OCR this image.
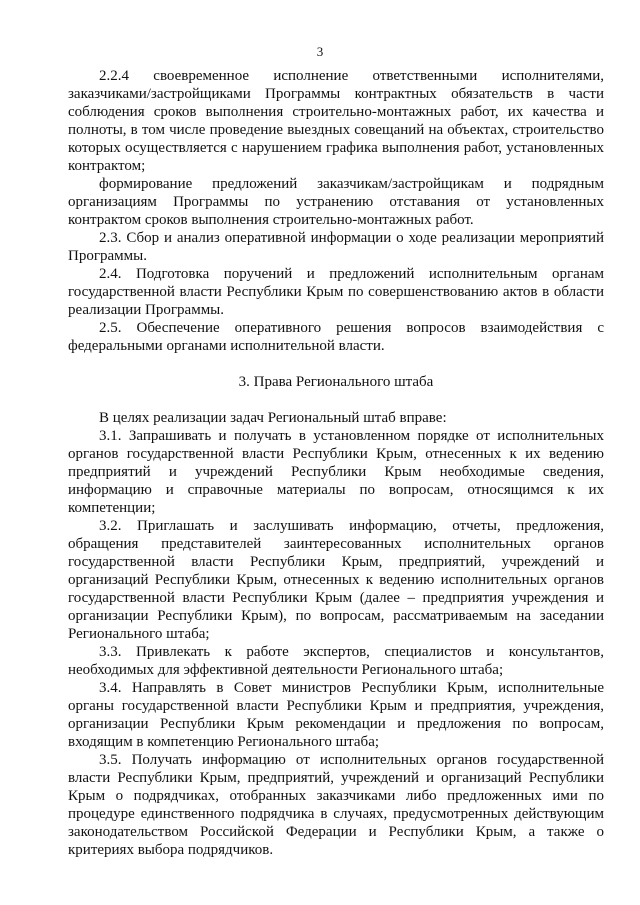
3

2.2.4 своевременное исполнение ответственными исполнителями, заказчиками/застройщиками Программы контрактных обязательств в части соблюдения сроков выполнения строительно-монтажных работ, их качества и полноты, в том числе проведение выездных совещаний на объектах, строительство которых осуществляется с нарушением графика выполнения работ, установленных контрактом;

формирование предложений заказчикам/застройщикам и подрядным организациям Программы по устранению отставания от установленных контрактом сроков выполнения строительно-монтажных работ.

2.3. Сбор и анализ оперативной информации о ходе реализации мероприятий Программы.

2.4. Подготовка поручений и предложений исполнительным органам государственной власти Республики Крым по совершенствованию актов в области реализации Программы.

2.5. Обеспечение оперативного решения вопросов взаимодействия с федеральными органами исполнительной власти.

3. Права Регионального штаба

В целях реализации задач Региональный штаб вправе:

3.1. Запрашивать и получать в установленном порядке от исполнительных органов государственной власти Республики Крым, отнесенных к их ведению предприятий и учреждений Республики Крым необходимые сведения, информацию и справочные материалы по вопросам, относящимся к их компетенции;

3.2. Приглашать и заслушивать информацию, отчеты, предложения, обращения представителей заинтересованных исполнительных органов государственной власти Республики Крым, предприятий, учреждений и организаций Республики Крым, отнесенных к ведению исполнительных органов государственной власти Республики Крым (далее – предприятия учреждения и организации Республики Крым), по вопросам, рассматриваемым на заседании Регионального штаба;

3.3. Привлекать к работе экспертов, специалистов и консультантов, необходимых для эффективной деятельности Регионального штаба;

3.4. Направлять в Совет министров Республики Крым, исполнительные органы государственной власти Республики Крым и предприятия, учреждения, организации Республики Крым рекомендации и предложения по вопросам, входящим в компетенцию Регионального штаба;

3.5. Получать информацию от исполнительных органов государственной власти Республики Крым, предприятий, учреждений и организаций Республики Крым о подрядчиках, отобранных заказчиками либо предложенных ими по процедуре единственного подрядчика в случаях, предусмотренных действующим законодательством Российской Федерации и Республики Крым, а также о критериях выбора подрядчиков.
